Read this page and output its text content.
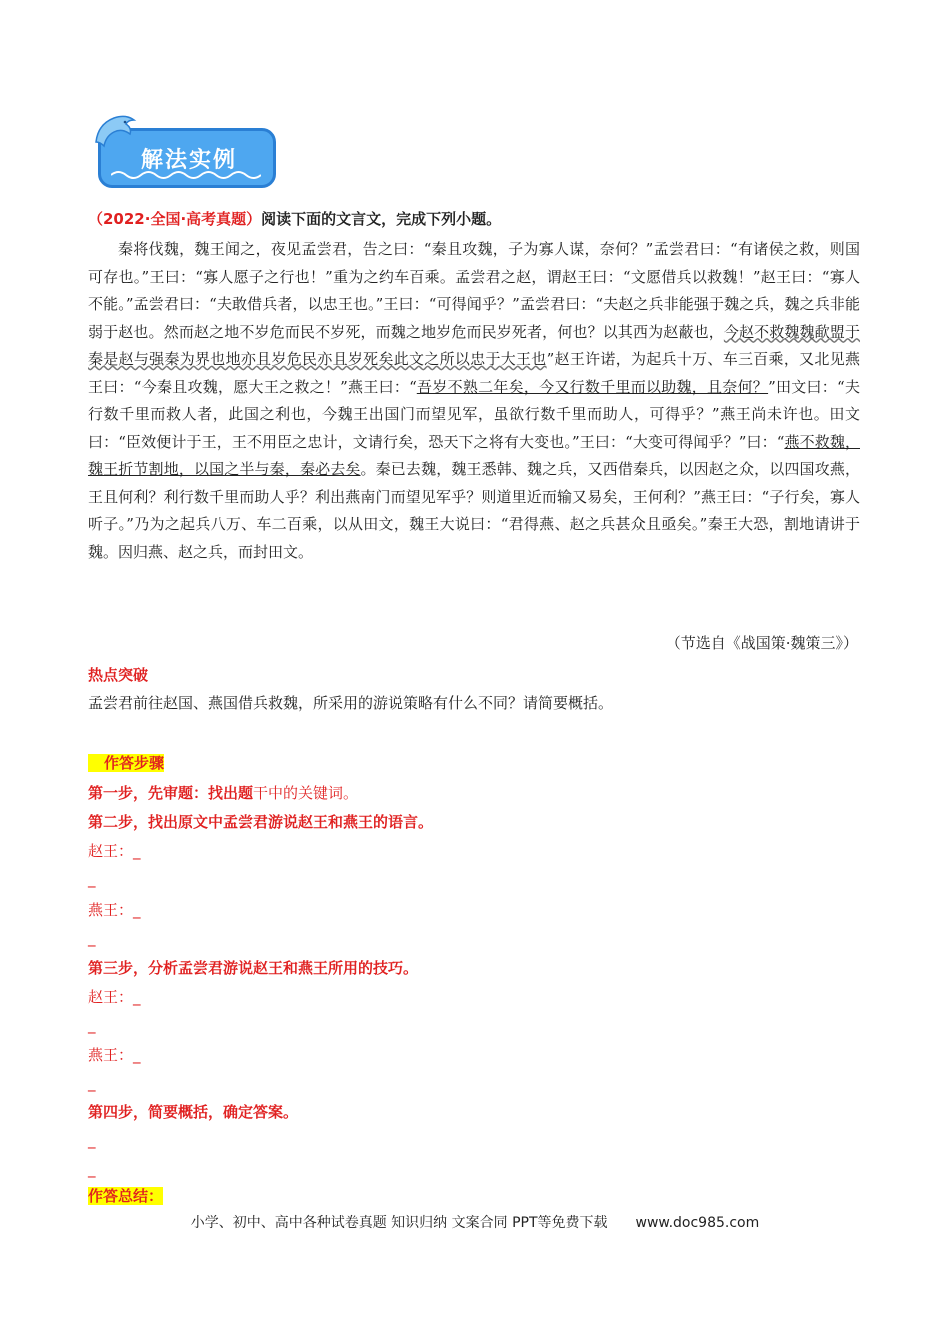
解法实例
（2022·全国·高考真题）阅读下面的文言文，完成下列小题。

秦将伐魏，魏王闻之，夜见孟尝君，告之曰：“秦且攻魏，子为寡人谋，奈何？”孟尝君曰：“有诸侯之救，则国可存也。”王曰：“寡人愿子之行也！”重为之约车百乘。孟尝君之赵，谓赵王曰：“文愿借兵以救魏！”赵王曰：“寡人不能。”孟尝君曰：“夫敢借兵者，以忠王也。”王曰：“可得闻乎？”孟尝君曰：“夫赵之兵非能强于魏之兵，魏之兵非能弱于赵也。然而赵之地不岁危而民不岁死，而魏之地岁危而民岁死者，何也？以其西为赵蔽也，今赵不救魏魏歃盟于秦是赵与强秦为界也地亦且岁危民亦且岁死矣此文之所以忠于大王也”赵王许诺，为起兵十万、车三百乘，又北见燕王曰：“今秦且攻魏，愿大王之救之！”燕王曰：“吾岁不熟二年矣，今又行数千里而以助魏，且奈何？”田文曰：“夫行数千里而救人者，此国之利也，今魏王出国门而望见军，虽欲行数千里而助人，可得乎？”燕王尚未许也。田文曰：“臣效便计于王，王不用臣之忠计，文请行矣，恐天下之将有大变也。”王曰：“大变可得闻乎？”曰：“燕不救魏，魏王折节割地，以国之半与秦，秦必去矣。秦已去魏，魏王悉韩、魏之兵，又西借秦兵，以因赵之众，以四国攻燕，王且何利？利行数千里而助人乎？利出燕南门而望见军乎？则道里近而输又易矣，王何利？”燕王曰：“子行矣，寡人听子。”乃为之起兵八万、车二百乘，以从田文，魏王大说曰：“君得燕、赵之兵甚众且亟矣。”秦王大恐，割地请讲于魏。因归燕、赵之兵，而封田文。

（节选自《战国策·魏策三》）
热点突破
孟尝君前往赵国、燕国借兵救魏，所采用的游说策略有什么不同？请简要概括。
作答步骤
第一步，先审题：找出题干中的关键词。
第二步，找出原文中孟尝君游说赵王和燕王的语言。
赵王：_
_
燕王：_
_
第三步，分析孟尝君游说赵王和燕王所用的技巧。
赵王：_
_
燕王：_
_
第四步，简要概括，确定答案。
_
_
作答总结：
小学、初中、高中各种试卷真题 知识归纳 文案合同 PPT等免费下载 www.doc985.com
